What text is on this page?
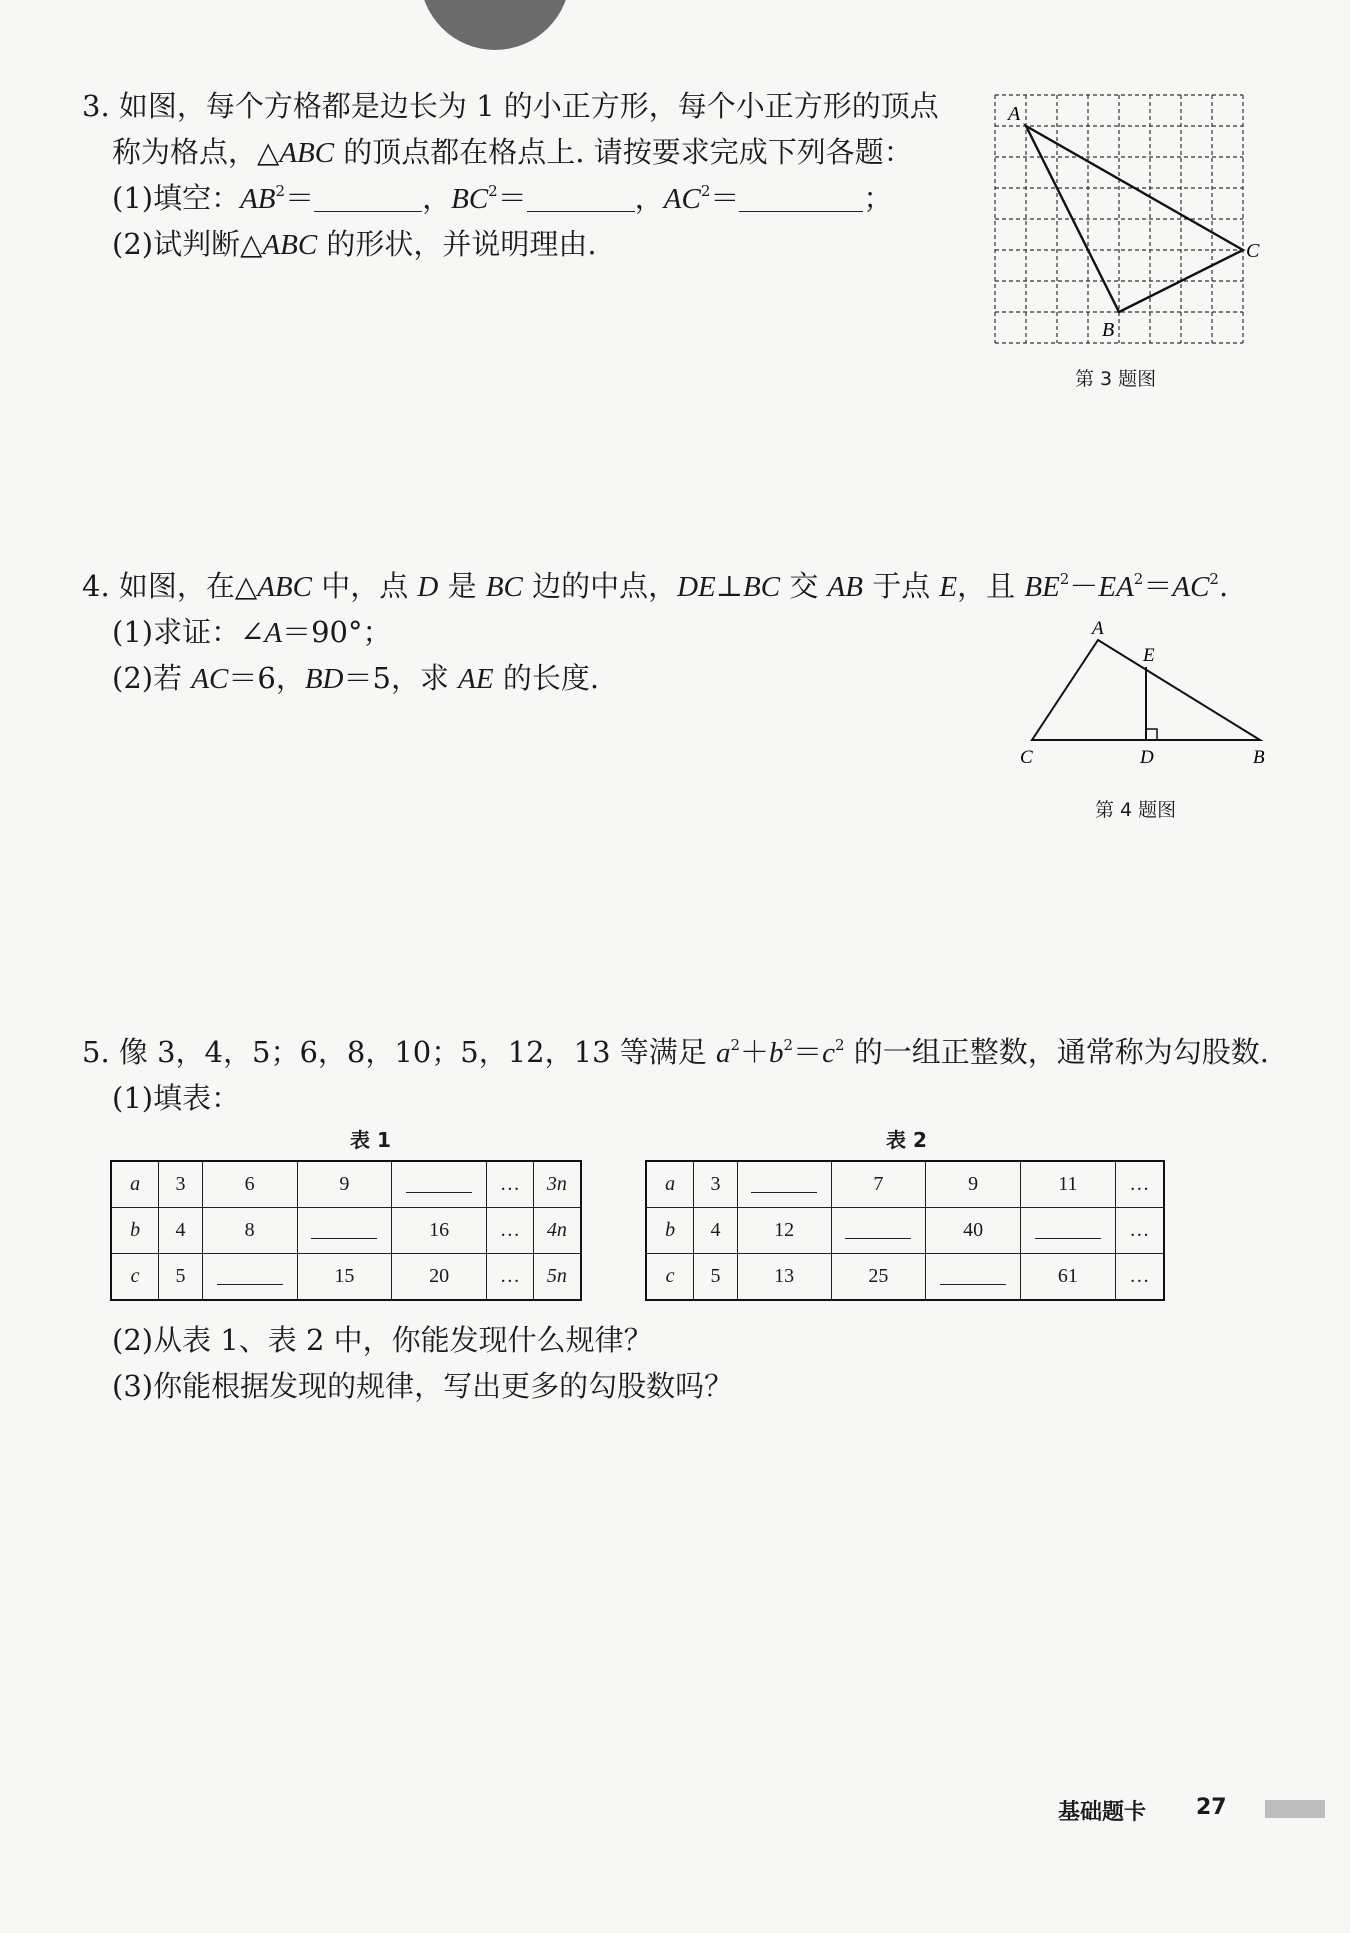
3. 如图，每个方格都是边长为 1 的小正方形，每个小正方形的顶点
称为格点，△ABC 的顶点都在格点上. 请按要求完成下列各题：
(1)填空：$AB^2=$	，$BC^2=$	，$AC^2=$	；
(2)试判断△ABC 的形状，并说明理由.
A
C
B
第 3 题图
4. 如图，在△ABC 中，点 D 是 BC 边的中点，DE⊥BC 交 AB 于点 E，且 $BE^2-EA^2=AC^2$.
(1)求证：∠A＝90°；
(2)若 AC＝6，BD＝5，求 AE 的长度.
A
E
C	D	B
第 4 题图
5. 像 3，4，5；6，8，10；5，12，13 等满足 $a^2+b^2=c^2$ 的一组正整数，通常称为勾股数.
(1)填表：
表 1
a	3	6	9		…	3n
b	4	8		16	…	4n
c	5		15	20	…	5n
表 2
a	3		7	9	11	…
b	4	12		40		…
c	5	13	25		61	…
(2)从表 1、表 2 中，你能发现什么规律？
(3)你能根据发现的规律，写出更多的勾股数吗？
基础题卡 27
